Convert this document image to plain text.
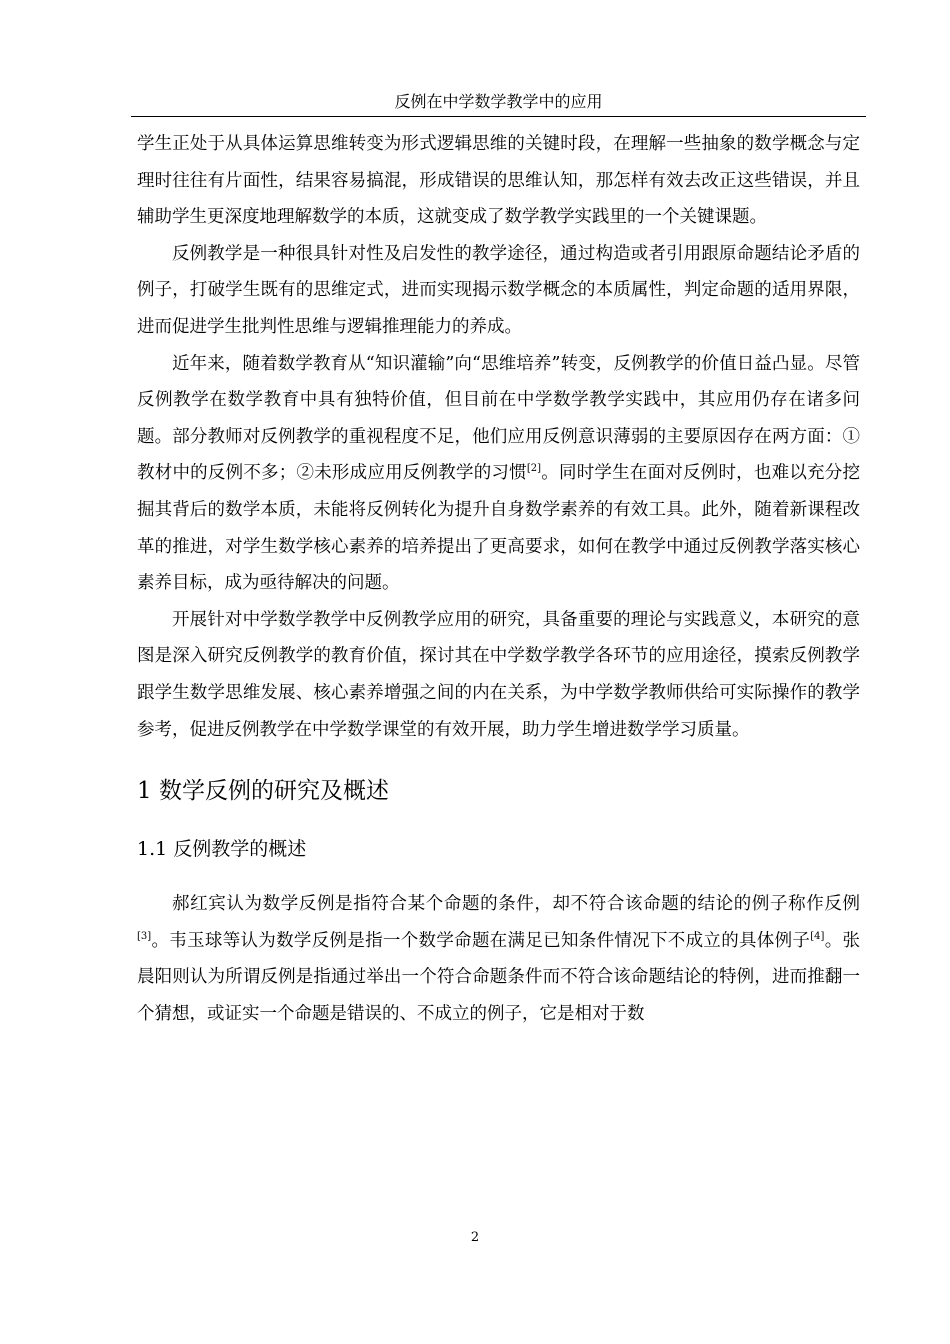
反例在中学数学教学中的应用

学生正处于从具体运算思维转变为形式逻辑思维的关键时段，在理解一些抽象的数学概念与定理时往往有片面性，结果容易搞混，形成错误的思维认知，那怎样有效去改正这些错误，并且辅助学生更深度地理解数学的本质，这就变成了数学教学实践里的一个关键课题。

反例教学是一种很具针对性及启发性的教学途径，通过构造或者引用跟原命题结论矛盾的例子，打破学生既有的思维定式，进而实现揭示数学概念的本质属性，判定命题的适用界限，进而促进学生批判性思维与逻辑推理能力的养成。

近年来，随着数学教育从“知识灌输”向“思维培养”转变，反例教学的价值日益凸显。尽管反例教学在数学教育中具有独特价值，但目前在中学数学教学实践中，其应用仍存在诸多问题。部分教师对反例教学的重视程度不足，他们应用反例意识薄弱的主要原因存在两方面：①教材中的反例不多；②未形成应用反例教学的习惯[2]。同时学生在面对反例时，也难以充分挖掘其背后的数学本质，未能将反例转化为提升自身数学素养的有效工具。此外，随着新课程改革的推进，对学生数学核心素养的培养提出了更高要求，如何在教学中通过反例教学落实核心素养目标，成为亟待解决的问题。

开展针对中学数学教学中反例教学应用的研究，具备重要的理论与实践意义，本研究的意图是深入研究反例教学的教育价值，探讨其在中学数学教学各环节的应用途径，摸索反例教学跟学生数学思维发展、核心素养增强之间的内在关系，为中学数学教师供给可实际操作的教学参考，促进反例教学在中学数学课堂的有效开展，助力学生增进数学学习质量。

1 数学反例的研究及概述
1.1 反例教学的概述

郝红宾认为数学反例是指符合某个命题的条件，却不符合该命题的结论的例子称作反例[3]。韦玉球等认为数学反例是指一个数学命题在满足已知条件情况下不成立的具体例子[4]。张晨阳则认为所谓反例是指通过举出一个符合命题条件而不符合该命题结论的特例，进而推翻一个猜想，或证实一个命题是错误的、不成立的例子，它是相对于数

2
